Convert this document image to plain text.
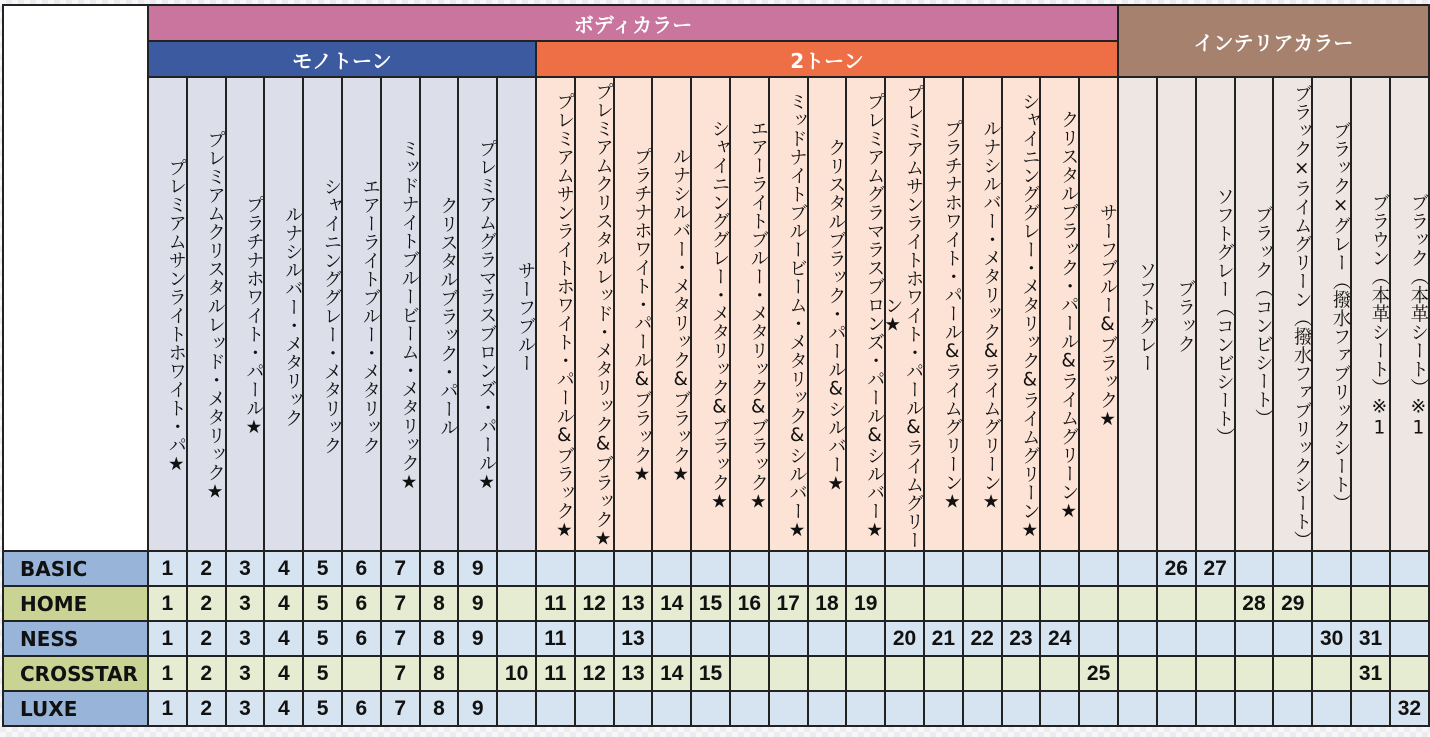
	ボディカラー																									インテリアカラー								
	モノトーン										2トーン																							
	プレミアムサンライトホワイト・パ★	プレミアムクリスタルレッド・メタリック★	プラチナホワイト・パール★	ルナシルバー・メタリック	シャイニンググレー・メタリック	エアーライトブルー・メタリック	ミッドナイトブルービーム・メタリック★	クリスタルブラック・パール	プレミアムグラマラスブロンズ・パール★	サーフブルー	プレミアムサンライトホワイト・パール&ブラック★	プレミアムクリスタルレッド・メタリック&ブラック★	プラチナホワイト・パール&ブラック★	ルナシルバー・メタリック&ブラック★	シャイニンググレー・メタリック&ブラック★	エアーライトブルー・メタリック&ブラック★	ミッドナイトブルービーム・メタリック&シルバー★	クリスタルブラック・パール&シルバー★	プレミアムグラマラスブロンズ・パール&シルバー★	プレミアムサンライトホワイト・パール&ライムグリーン★	プラチナホワイト・パール&ライムグリーン★	ルナシルバー・メタリック&ライムグリーン★	シャイニンググレー・メタリック&ライムグリーン★	クリスタルブラック・パール&ライムグリーン★	サーフブルー&ブラック★	ソフトグレー	ブラック	ソフトグレー（コンビシート）	ブラック（コンビシート）	ブラック×ライムグリーン（撥水ファブリックシート）	ブラック×グレー（撥水ファブリックシート）	ブラウン（本革シート）※1	ブラック（本革シート）※1	
BASIC	1	2	3	4	5	6	7	8	9																		26	27						
HOME	1	2	3	4	5	6	7	8	9		11	12	13	14	15	16	17	18	19										28	29				
NESS	1	2	3	4	5	6	7	8	9		11		13							20	21	22	23	24							30	31		
CROSSTAR	1	2	3	4	5		7	8		10	11	12	13	14	15										25							31		
LUXE	1	2	3	4	5	6	7	8	9																								32	
